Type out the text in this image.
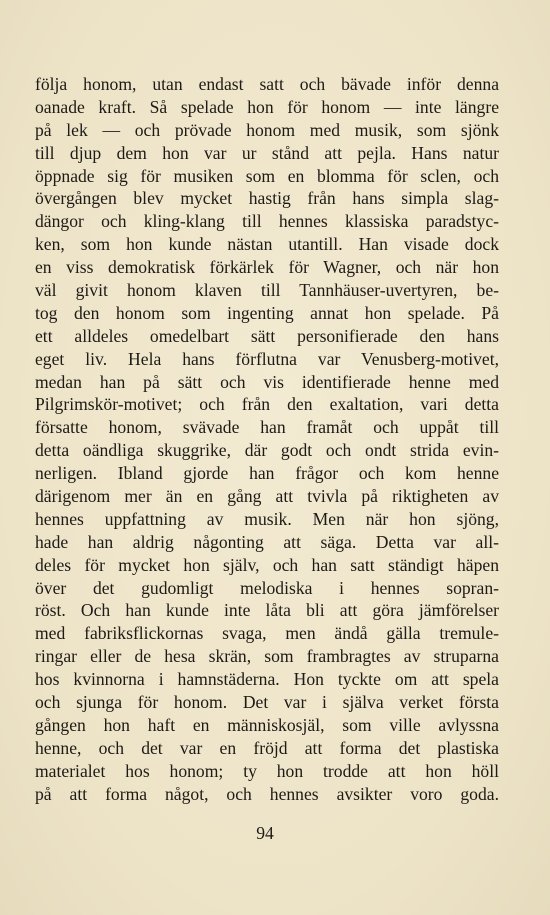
följa honom, utan endast satt och bävade inför denna
oanade kraft. Så spelade hon för honom — inte längre
på lek — och prövade honom med musik, som sjönk
till djup dem hon var ur stånd att pejla. Hans natur
öppnade sig för musiken som en blomma för sclen, och
övergången blev mycket hastig från hans simpla slag-
dängor och kling-klang till hennes klassiska paradstyc-
ken, som hon kunde nästan utantill. Han visade dock
en viss demokratisk förkärlek för Wagner, och när hon
väl givit honom klaven till Tannhäuser-uvertyren, be-
tog den honom som ingenting annat hon spelade. På
ett alldeles omedelbart sätt personifierade den hans
eget liv. Hela hans förflutna var Venusberg-motivet,
medan han på sätt och vis identifierade henne med
Pilgrimskör-motivet; och från den exaltation, vari detta
försatte honom, svävade han framåt och uppåt till
detta oändliga skuggrike, där godt och ondt strida evin-
nerligen. Ibland gjorde han frågor och kom henne
därigenom mer än en gång att tvivla på riktigheten av
hennes uppfattning av musik. Men när hon sjöng,
hade han aldrig någonting att säga. Detta var all-
deles för mycket hon själv, och han satt ständigt häpen
över det gudomligt melodiska i hennes sopran-
röst. Och han kunde inte låta bli att göra jämförelser
med fabriksflickornas svaga, men ändå gälla tremule-
ringar eller de hesa skrän, som frambragtes av struparna
hos kvinnorna i hamnstäderna. Hon tyckte om att spela
och sjunga för honom. Det var i själva verket första
gången hon haft en människosjäl, som ville avlyssna
henne, och det var en fröjd att forma det plastiska
materialet hos honom; ty hon trodde att hon höll
på att forma något, och hennes avsikter voro goda.
94
